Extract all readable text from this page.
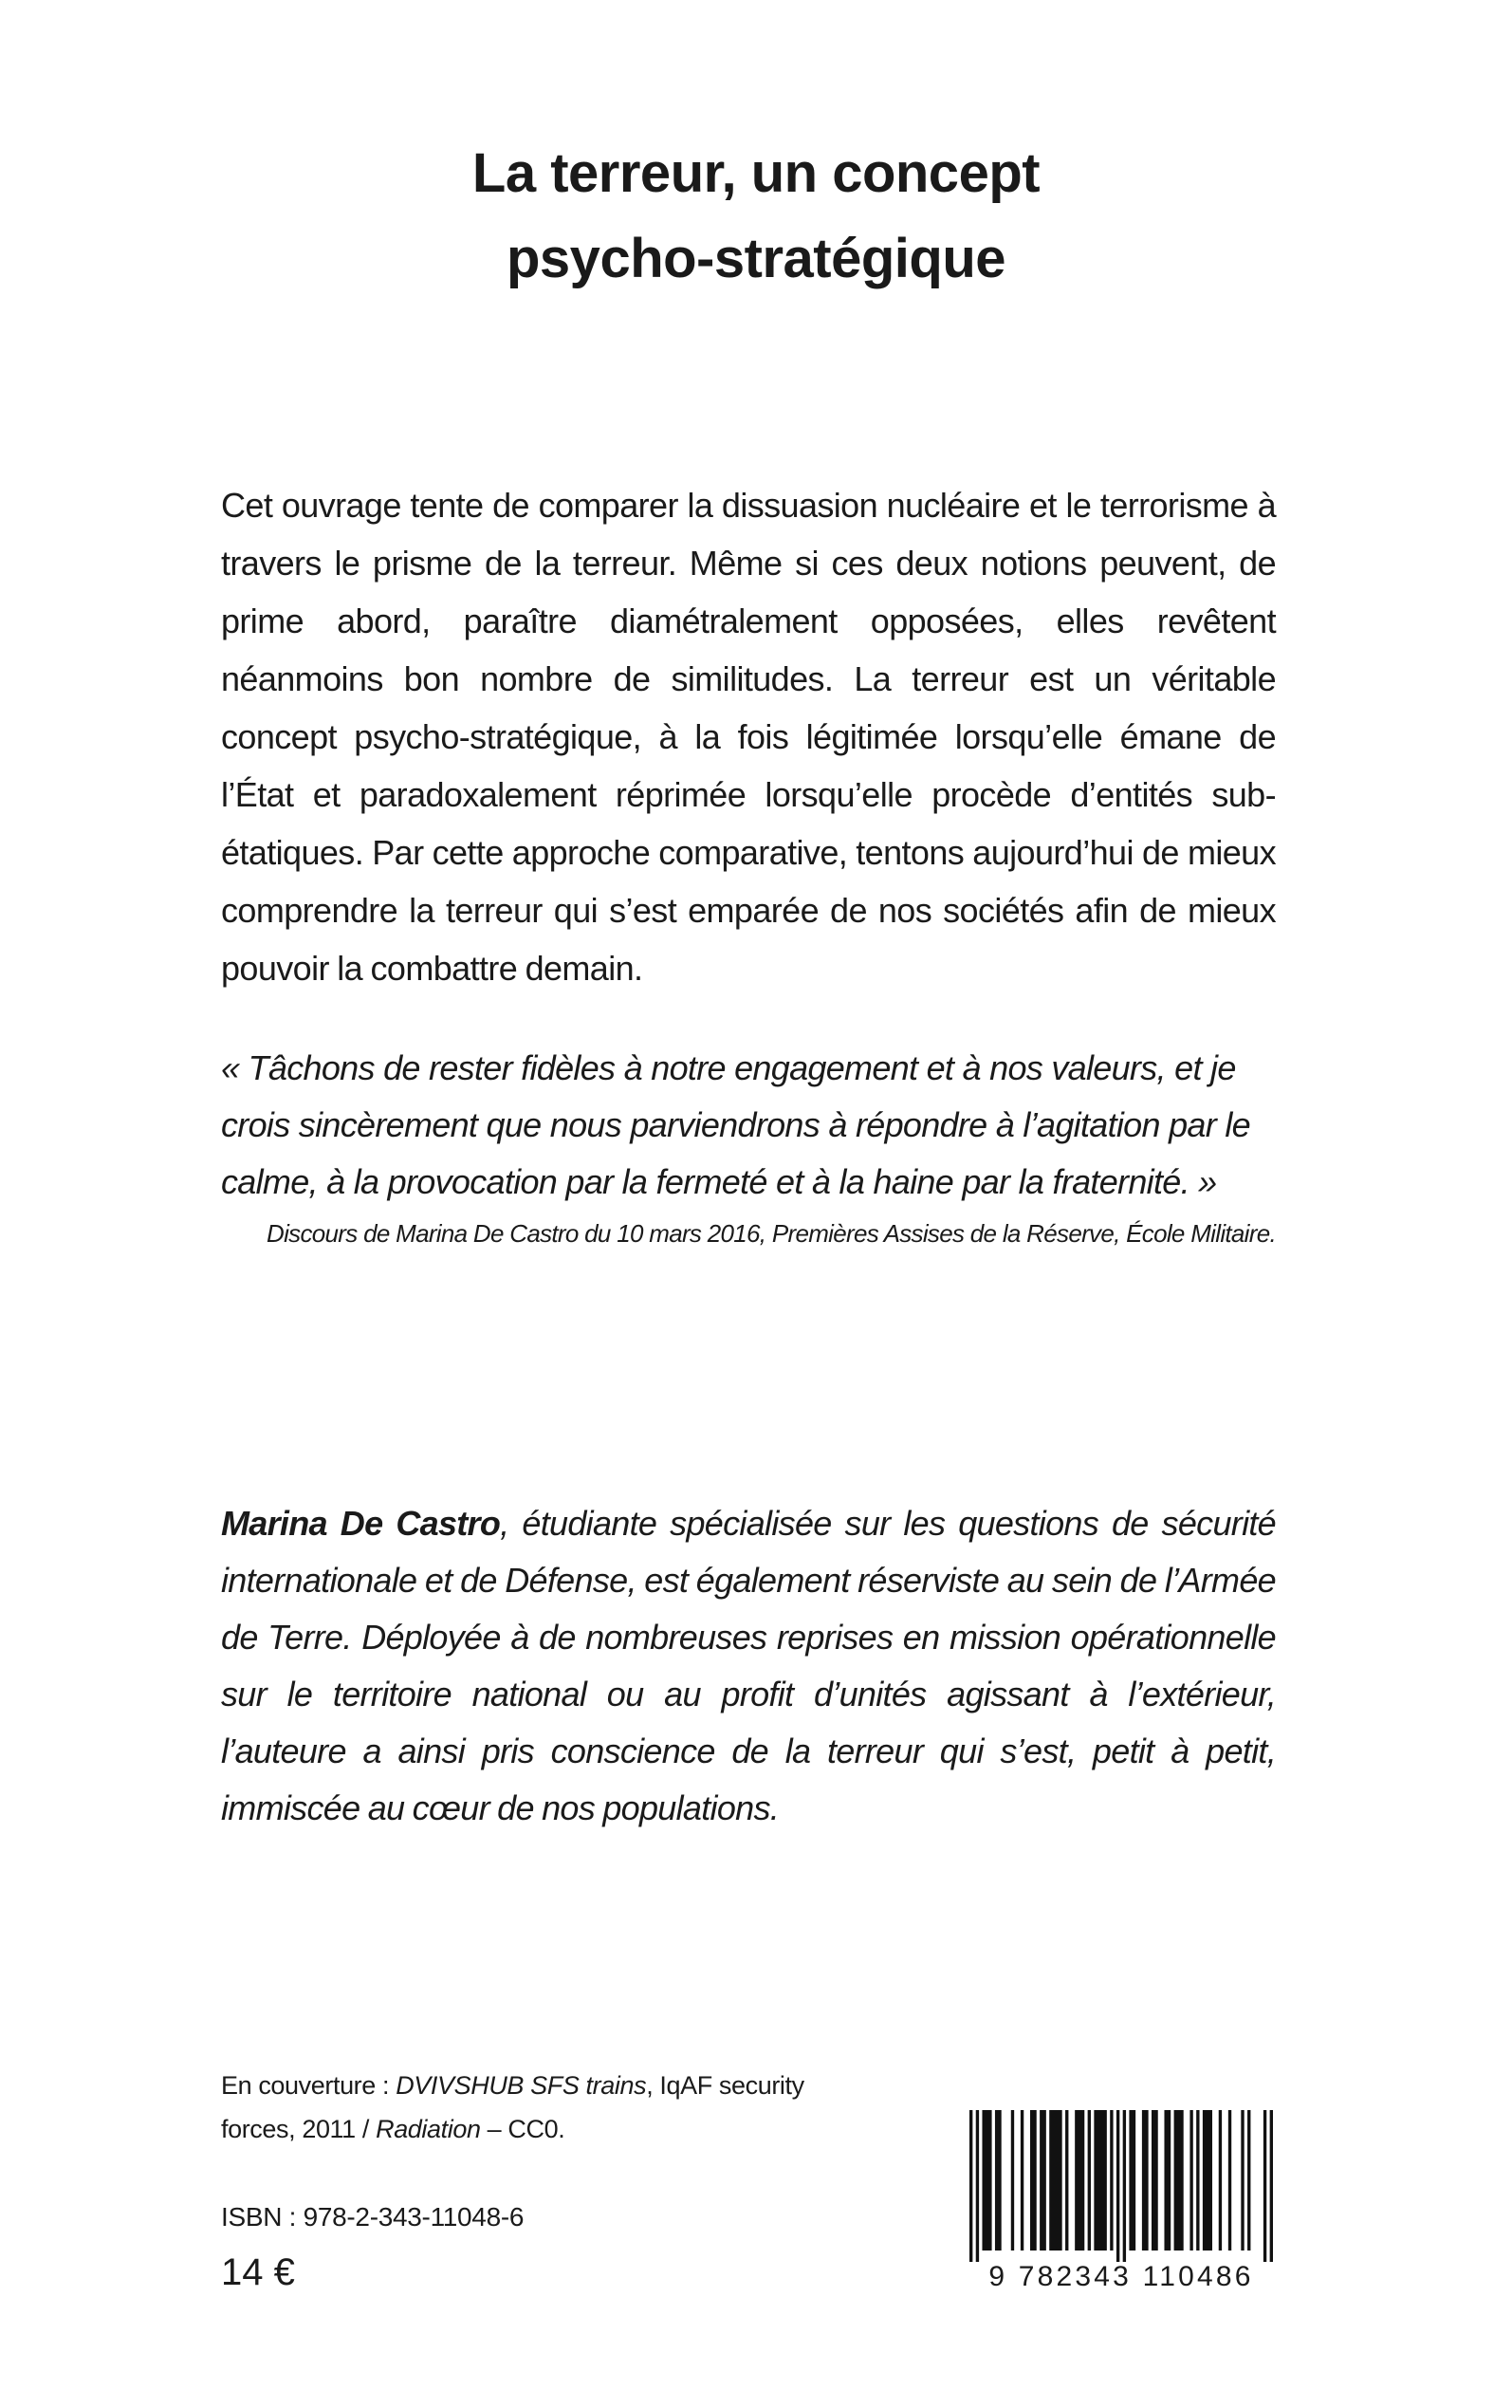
La terreur, un concept
psycho-stratégique

Cet ouvrage tente de comparer la dissuasion nucléaire et le terrorisme à travers le prisme de la terreur. Même si ces deux notions peuvent, de prime abord, paraître diamétralement opposées, elles revêtent néanmoins bon nombre de similitudes. La terreur est un véritable concept psycho-stratégique, à la fois légitimée lorsqu’elle émane de l’État et paradoxalement réprimée lorsqu’elle procède d’entités sub-étatiques. Par cette approche comparative, tentons aujourd’hui de mieux comprendre la terreur qui s’est emparée de nos sociétés afin de mieux pouvoir la combattre demain.

« Tâchons de rester fidèles à notre engagement et à nos valeurs, et je crois sincèrement que nous parviendrons à répondre à l’agitation par le calme, à la provocation par la fermeté et à la haine par la fraternité. »

Discours de Marina De Castro du 10 mars 2016, Premières Assises de la Réserve, École Militaire.

Marina De Castro, étudiante spécialisée sur les questions de sécurité internationale et de Défense, est également réserviste au sein de l’Armée de Terre. Déployée à de nombreuses reprises en mission opérationnelle sur le territoire national ou au profit d’unités agissant à l’extérieur, l’auteure a ainsi pris conscience de la terreur qui s’est, petit à petit, immiscée au cœur de nos populations.

En couverture : DVIVSHUB SFS trains, IqAF security forces, 2011 / Radiation – CC0.

ISBN : 978-2-343-11048-6

14 €	9 782343 110486
